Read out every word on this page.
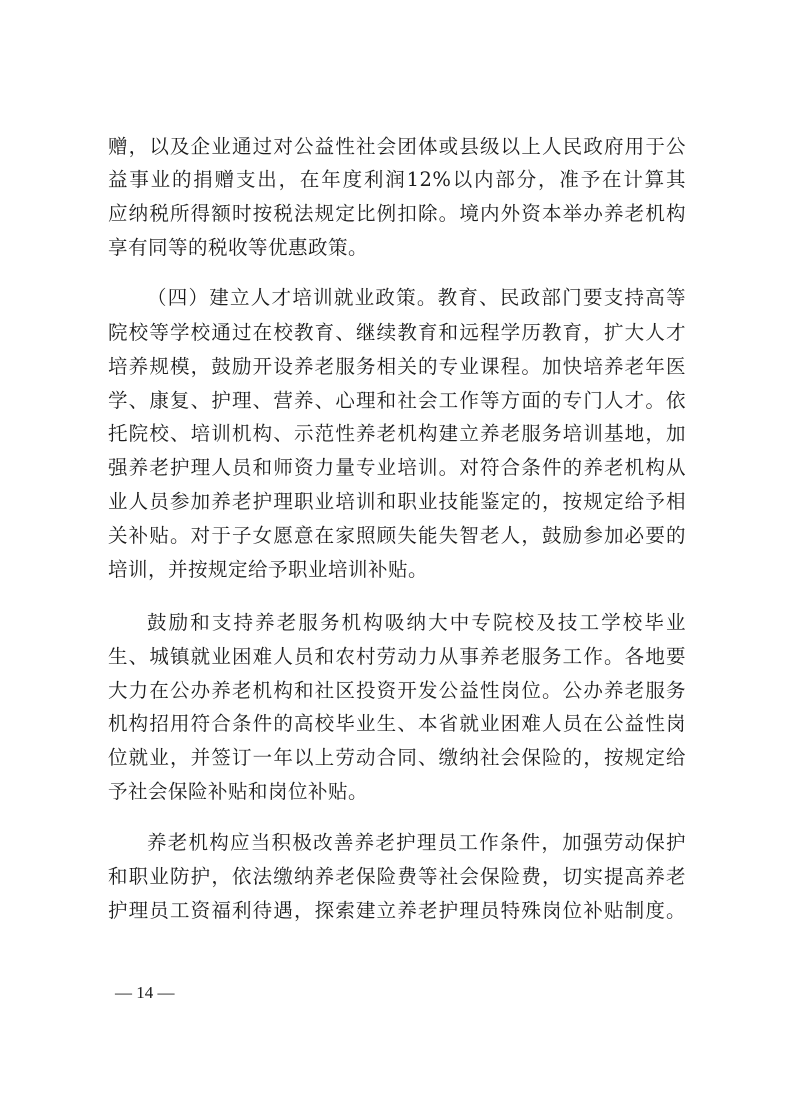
赠，以及企业通过对公益性社会团体或县级以上人民政府用于公
益事业的捐赠支出，在年度利润12%以内部分，准予在计算其
应纳税所得额时按税法规定比例扣除。境内外资本举办养老机构
享有同等的税收等优惠政策。
（四）建立人才培训就业政策。教育、民政部门要支持高等
院校等学校通过在校教育、继续教育和远程学历教育，扩大人才
培养规模，鼓励开设养老服务相关的专业课程。加快培养老年医
学、康复、护理、营养、心理和社会工作等方面的专门人才。依
托院校、培训机构、示范性养老机构建立养老服务培训基地，加
强养老护理人员和师资力量专业培训。对符合条件的养老机构从
业人员参加养老护理职业培训和职业技能鉴定的，按规定给予相
关补贴。对于子女愿意在家照顾失能失智老人，鼓励参加必要的
培训，并按规定给予职业培训补贴。
鼓励和支持养老服务机构吸纳大中专院校及技工学校毕业
生、城镇就业困难人员和农村劳动力从事养老服务工作。各地要
大力在公办养老机构和社区投资开发公益性岗位。公办养老服务
机构招用符合条件的高校毕业生、本省就业困难人员在公益性岗
位就业，并签订一年以上劳动合同、缴纳社会保险的，按规定给
予社会保险补贴和岗位补贴。
养老机构应当积极改善养老护理员工作条件，加强劳动保护
和职业防护，依法缴纳养老保险费等社会保险费，切实提高养老
护理员工资福利待遇，探索建立养老护理员特殊岗位补贴制度。
— 14 —
